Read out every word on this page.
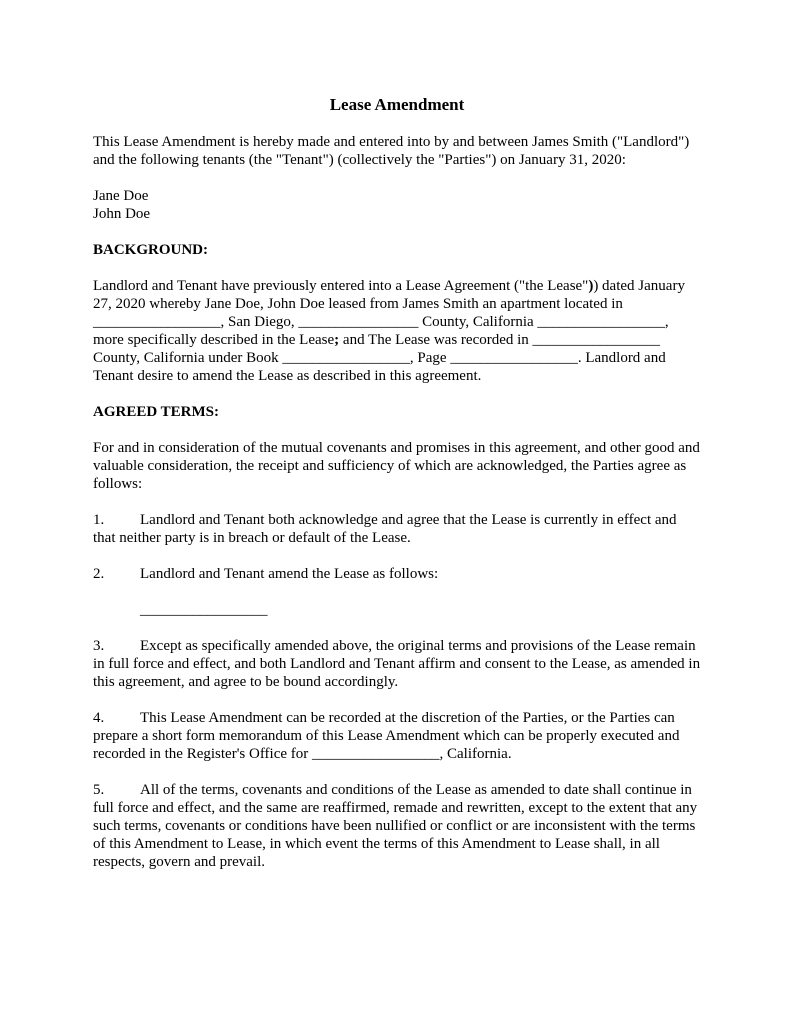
Lease Amendment

This Lease Amendment is hereby made and entered into by and between James Smith ("Landlord") and the following tenants (the "Tenant") (collectively the "Parties") on January 31, 2020:

Jane Doe
John Doe

BACKGROUND:

Landlord and Tenant have previously entered into a Lease Agreement ("the Lease")) dated January 27, 2020 whereby Jane Doe, John Doe leased from James Smith an apartment located in _________________, San Diego, ________________ County, California _________________, more specifically described in the Lease; and The Lease was recorded in _________________ County, California under Book _________________, Page _________________. Landlord and Tenant desire to amend the Lease as described in this agreement.

AGREED TERMS:

For and in consideration of the mutual covenants and promises in this agreement, and other good and valuable consideration, the receipt and sufficiency of which are acknowledged, the Parties agree as follows:

1. Landlord and Tenant both acknowledge and agree that the Lease is currently in effect and that neither party is in breach or default of the Lease.

2. Landlord and Tenant amend the Lease as follows:

_________________

3. Except as specifically amended above, the original terms and provisions of the Lease remain in full force and effect, and both Landlord and Tenant affirm and consent to the Lease, as amended in this agreement, and agree to be bound accordingly.

4. This Lease Amendment can be recorded at the discretion of the Parties, or the Parties can prepare a short form memorandum of this Lease Amendment which can be properly executed and recorded in the Register's Office for _________________, California.

5. All of the terms, covenants and conditions of the Lease as amended to date shall continue in full force and effect, and the same are reaffirmed, remade and rewritten, except to the extent that any such terms, covenants or conditions have been nullified or conflict or are inconsistent with the terms of this Amendment to Lease, in which event the terms of this Amendment to Lease shall, in all respects, govern and prevail.
